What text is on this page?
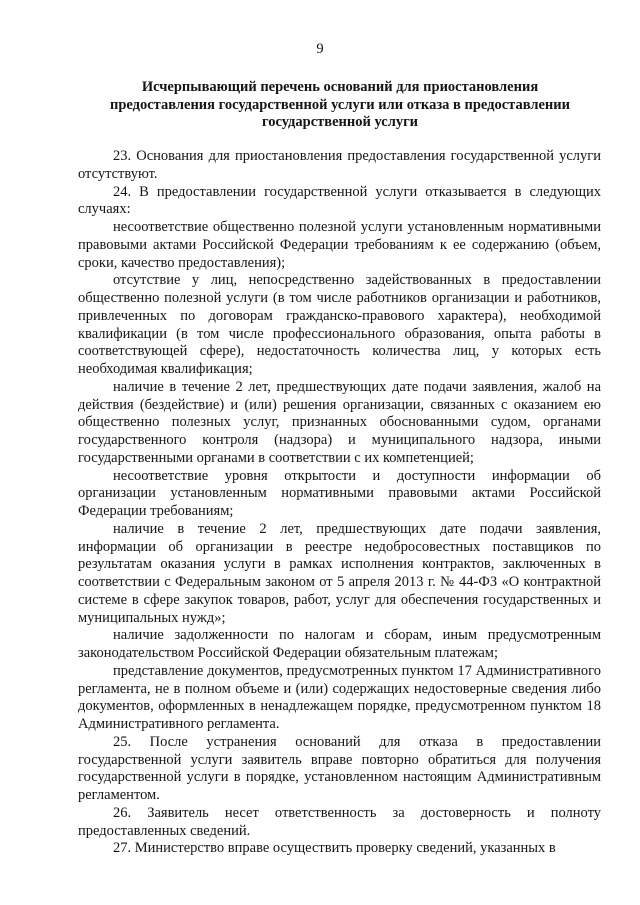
9
Исчерпывающий перечень оснований для приостановления
предоставления государственной услуги или отказа в предоставлении
государственной услуги

23. Основания для приостановления предоставления государственной услуги отсутствуют.

24. В предоставлении государственной услуги отказывается в следующих случаях:

несоответствие общественно полезной услуги установленным нормативными правовыми актами Российской Федерации требованиям к ее содержанию (объем, сроки, качество предоставления);

отсутствие у лиц, непосредственно задействованных в предоставлении общественно полезной услуги (в том числе работников организации и работников, привлеченных по договорам гражданско-правового характера), необходимой квалификации (в том числе профессионального образования, опыта работы в соответствующей сфере), недостаточность количества лиц, у которых есть необходимая квалификация;

наличие в течение 2 лет, предшествующих дате подачи заявления, жалоб на действия (бездействие) и (или) решения организации, связанных с оказанием ею общественно полезных услуг, признанных обоснованными судом, органами государственного контроля (надзора) и муниципального надзора, иными государственными органами в соответствии с их компетенцией;

несоответствие уровня открытости и доступности информации об организации установленным нормативными правовыми актами Российской Федерации требованиям;

наличие в течение 2 лет, предшествующих дате подачи заявления, информации об организации в реестре недобросовестных поставщиков по результатам оказания услуги в рамках исполнения контрактов, заключенных в соответствии с Федеральным законом от 5 апреля 2013 г. № 44-ФЗ «О контрактной системе в сфере закупок товаров, работ, услуг для обеспечения государственных и муниципальных нужд»;

наличие задолженности по налогам и сборам, иным предусмотренным законодательством Российской Федерации обязательным платежам;

представление документов, предусмотренных пунктом 17 Административного регламента, не в полном объеме и (или) содержащих недостоверные сведения либо документов, оформленных в ненадлежащем порядке, предусмотренном пунктом 18 Административного регламента.

25. После устранения оснований для отказа в предоставлении государственной услуги заявитель вправе повторно обратиться для получения государственной услуги в порядке, установленном настоящим Административным регламентом.

26. Заявитель несет ответственность за достоверность и полноту предоставленных сведений.

27. Министерство вправе осуществить проверку сведений, указанных в
